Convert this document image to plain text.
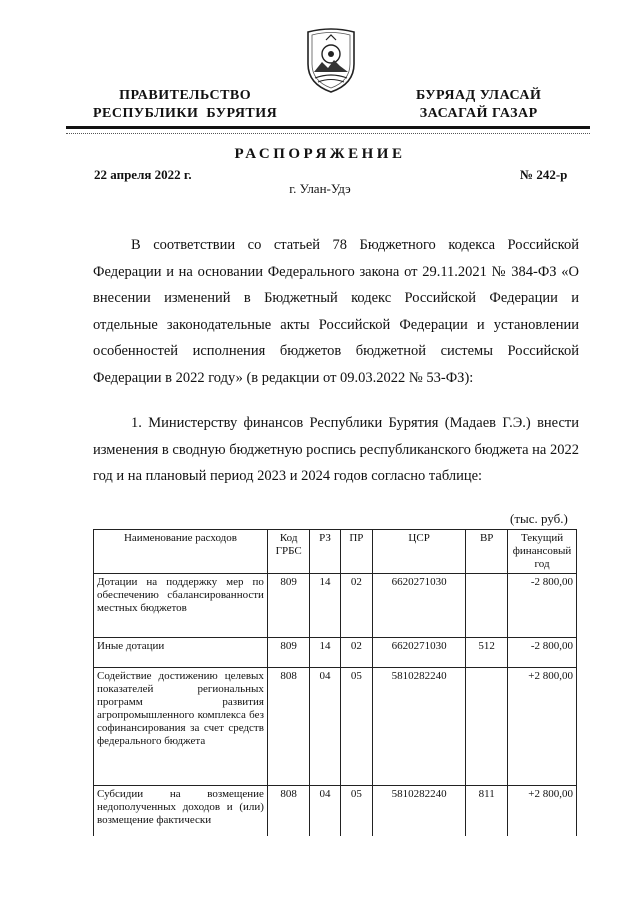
ПРАВИТЕЛЬСТВО
РЕСПУБЛИКИ  БУРЯТИЯ
БУРЯАД УЛАСАЙ
ЗАСАГАЙ ГАЗАР
РАСПОРЯЖЕНИЕ
22 апреля 2022 г.	№ 242-р
г. Улан-Удэ
В соответствии со статьей 78 Бюджетного кодекса Российской Федерации и на основании Федерального закона от 29.11.2021 № 384-ФЗ «О внесении изменений в Бюджетный кодекс Российской Федерации и отдельные законодательные акты Российской Федерации и установлении особенностей исполнения бюджетов бюджетной системы Российской Федерации в 2022 году» (в редакции от 09.03.2022 № 53-ФЗ):
1. Министерству финансов Республики Бурятия (Мадаев Г.Э.) внести изменения в сводную бюджетную роспись республиканского бюджета на 2022 год и на плановый период 2023 и 2024 годов согласно таблице:
(тыс. руб.)
Наименование расходов	Код ГРБС	РЗ	ПР	ЦСР	ВР	Текущий финансовый год
Дотации на поддержку мер по обеспечению сбалансированности местных бюджетов	809	14	02	6620271030		-2 800,00
Иные дотации	809	14	02	6620271030	512	-2 800,00
Содействие достижению целевых показателей региональных программ развития агропромышленного комплекса без софинансирования за счет средств федерального бюджета	808	04	05	5810282240		+2 800,00
Субсидии на возмещение недополученных доходов и (или) возмещение фактически	808	04	05	5810282240	811	+2 800,00
